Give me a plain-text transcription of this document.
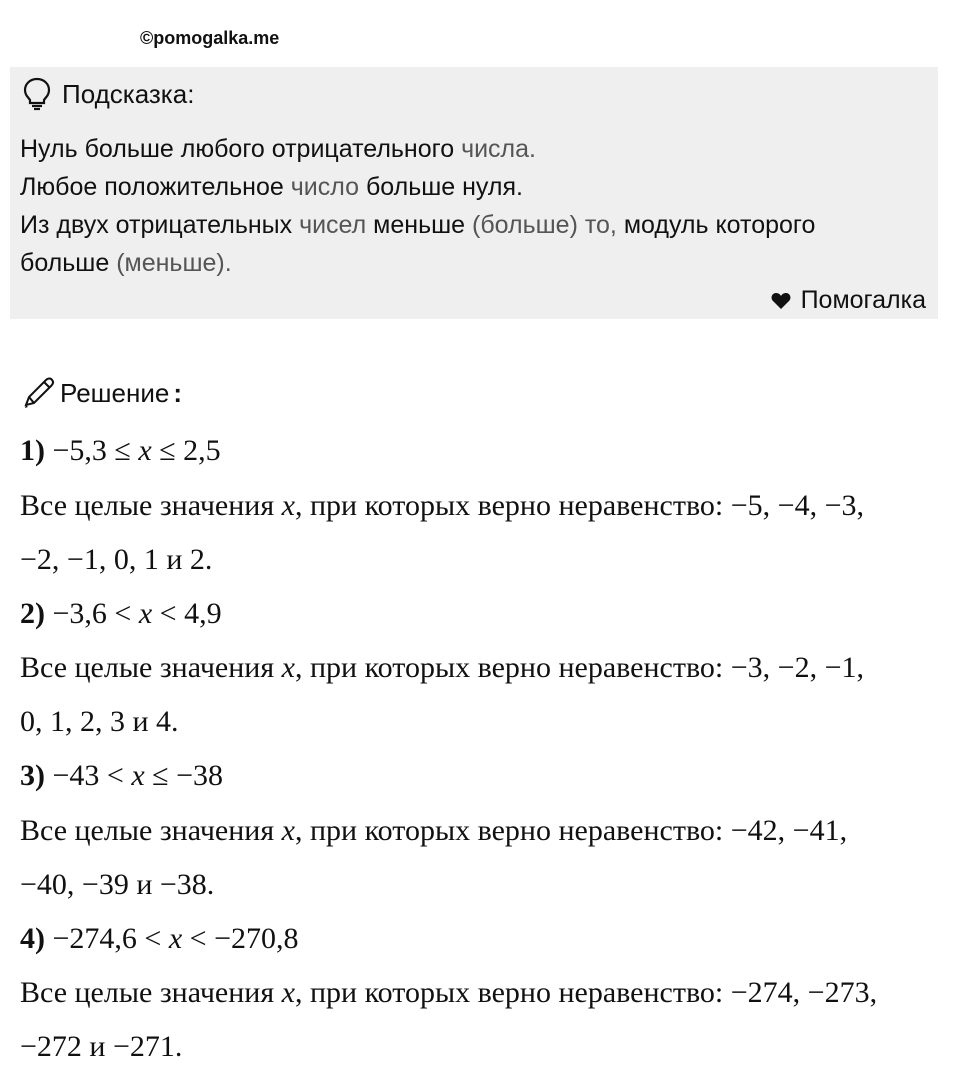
©pomogalka.me
Подсказка:

Нуль больше любого отрицательного числа.

Любое положительное число больше нуля.

Из двух отрицательных чисел меньше (больше) то, модуль которого

больше (меньше).

Помогалка
Решение :
1) −5,3 ≤ x ≤ 2,5
Все целые значения x, при которых верно неравенство: −5, −4, −3,
−2, −1, 0, 1 и 2.
2) −3,6 < x < 4,9
Все целые значения x, при которых верно неравенство: −3, −2, −1,
0, 1, 2, 3 и 4.
3) −43 < x ≤ −38
Все целые значения x, при которых верно неравенство: −42, −41,
−40, −39 и −38.
4) −274,6 < x < −270,8
Все целые значения x, при которых верно неравенство: −274, −273,
−272 и −271.
